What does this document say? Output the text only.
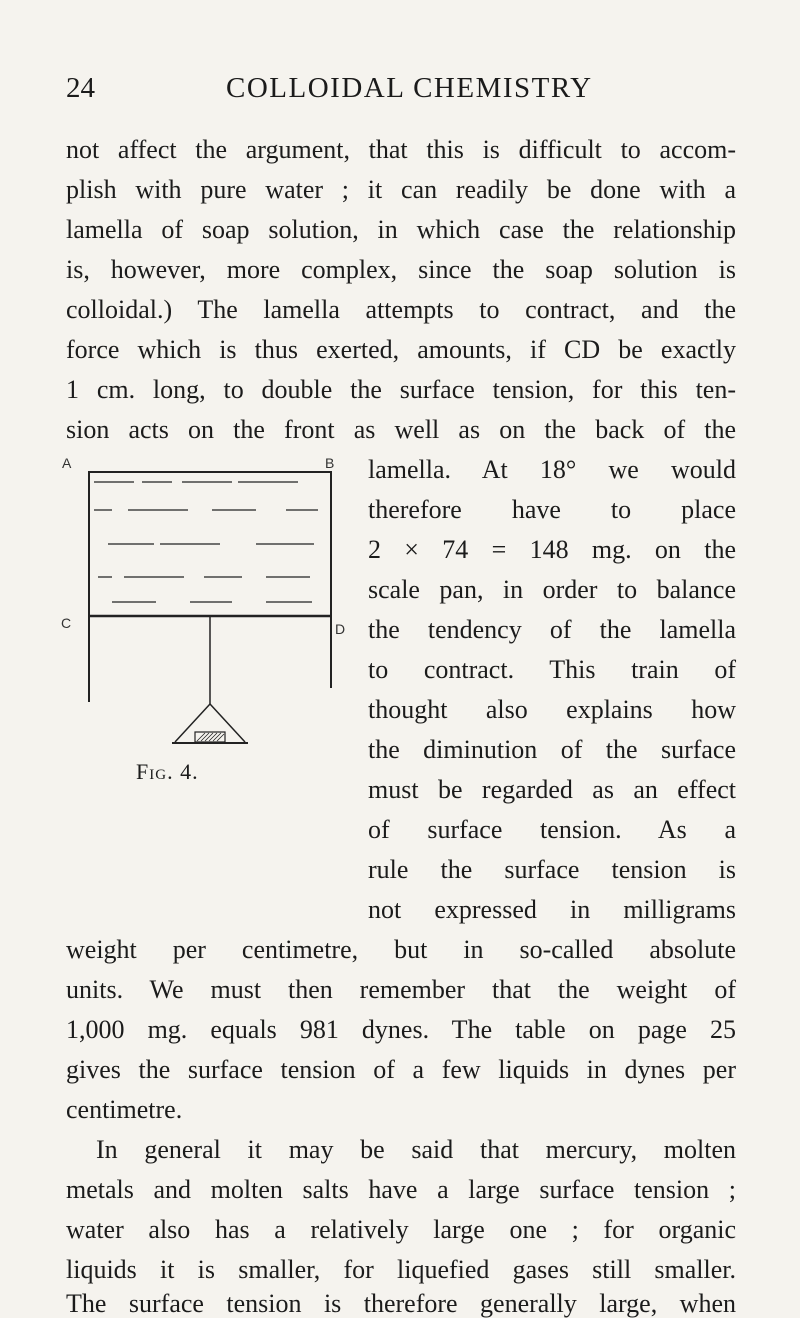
24	COLLOIDAL CHEMISTRY
not affect the argument, that this is difficult to accom-
plish with pure water ; it can readily be done with a
lamella of soap solution, in which case the relationship
is, however, more complex, since the soap solution is
colloidal.) The lamella attempts to contract, and the
force which is thus exerted, amounts, if CD be exactly
1 cm. long, to double the surface tension, for this ten-
sion acts on the front as well as on the back of the
lamella. At 18° we would
therefore have to place
2 × 74 = 148 mg. on the
scale pan, in order to balance
the tendency of the lamella
to contract. This train of
thought also explains how
the diminution of the surface
must be regarded as an effect
of surface tension. As a
rule the surface tension is
not expressed in milligrams
weight per centimetre, but in so-called absolute
units. We must then remember that the weight of
1,000 mg. equals 981 dynes. The table on page 25
gives the surface tension of a few liquids in dynes per
centimetre.
In general it may be said that mercury, molten
metals and molten salts have a large surface tension ;
water also has a relatively large one ; for organic
liquids it is smaller, for liquefied gases still smaller.
The surface tension is therefore generally large, when
A	B
C	D
Fig. 4.
